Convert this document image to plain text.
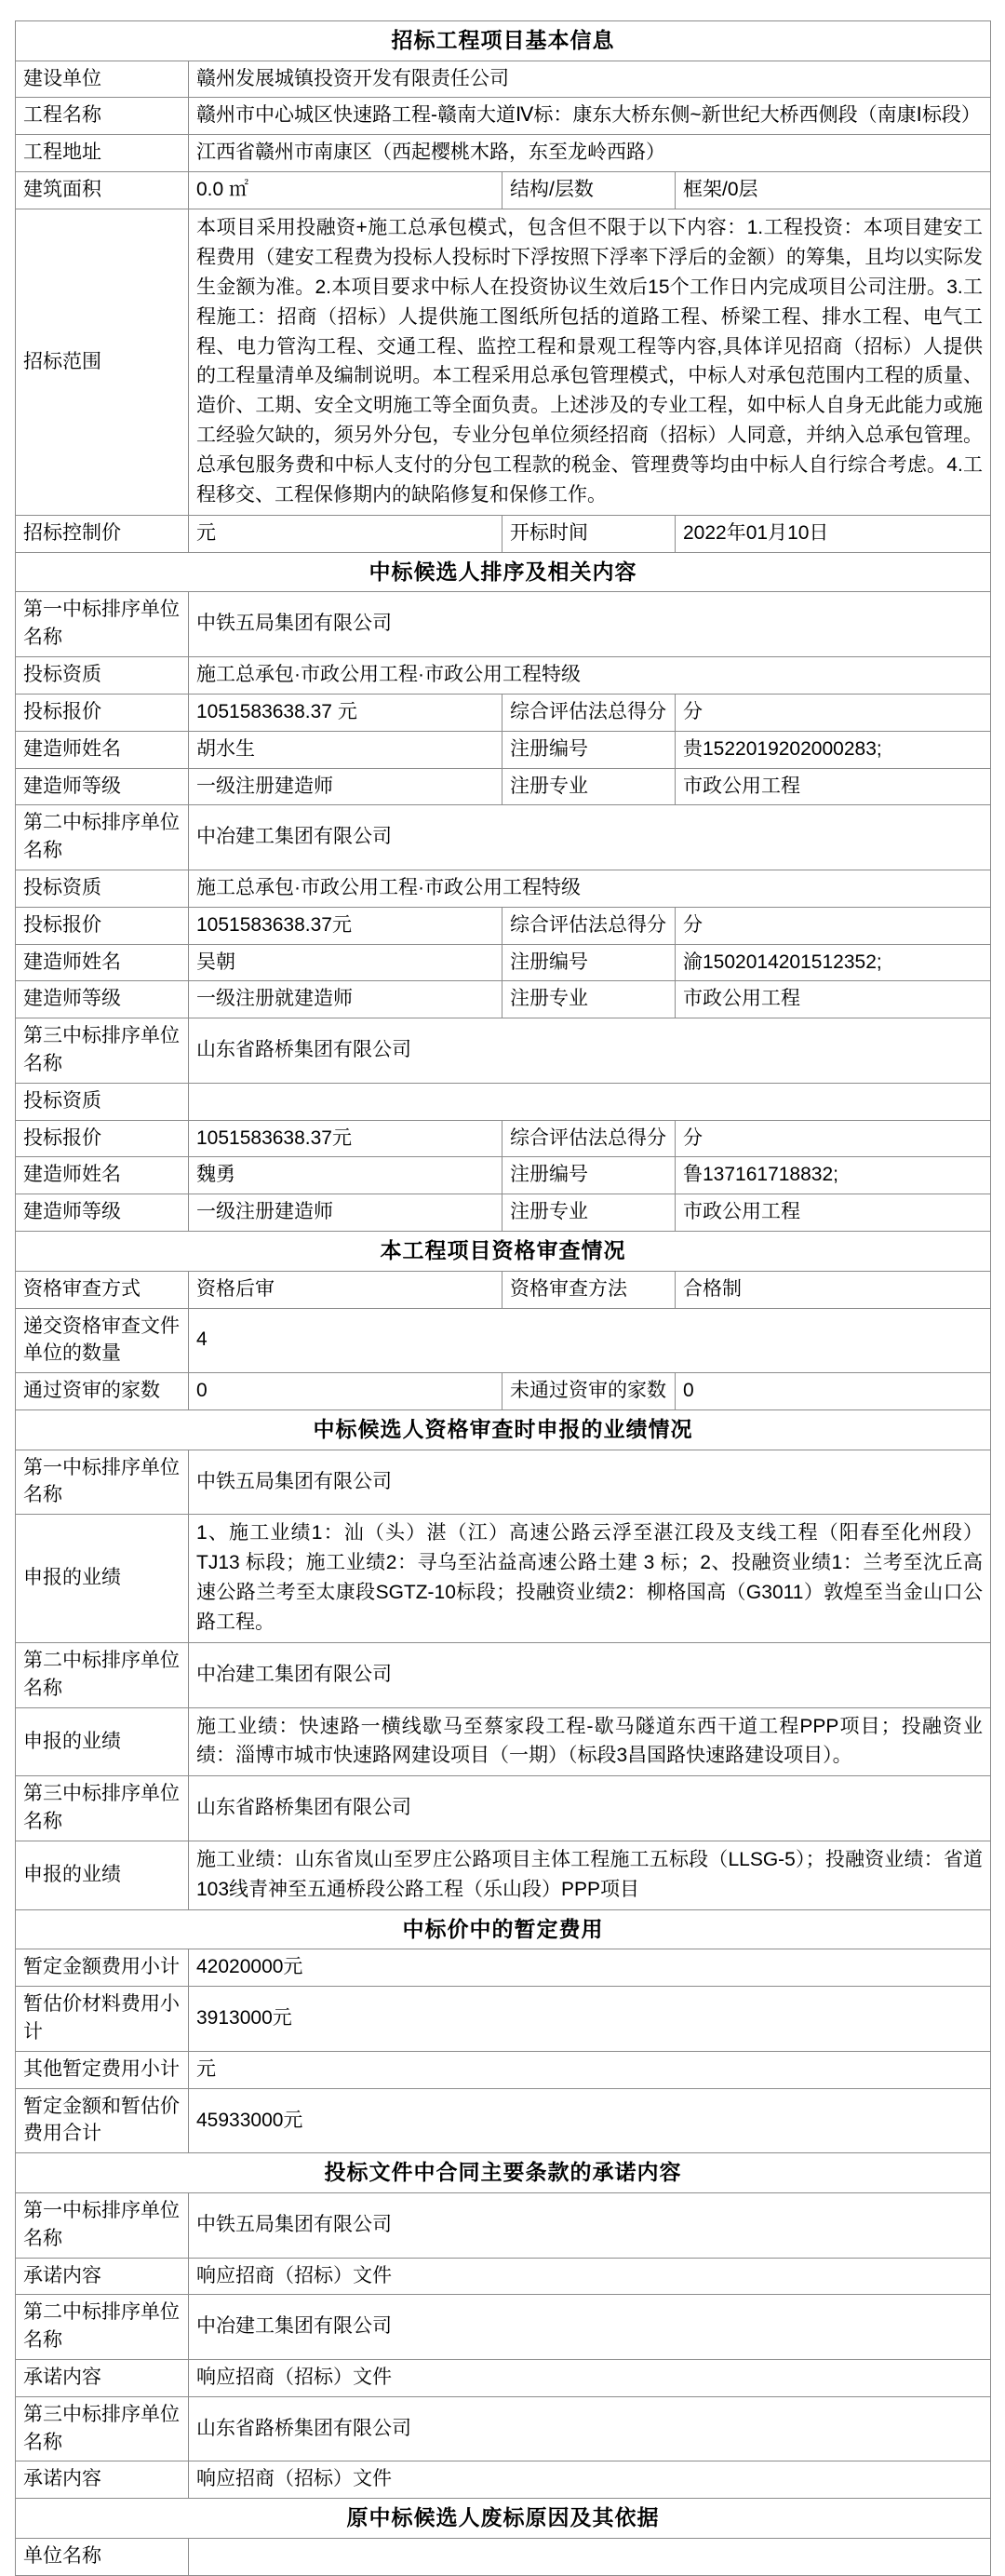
招标工程项目基本信息			
建设单位	赣州发展城镇投资开发有限责任公司		
工程名称	赣州市中心城区快速路工程-赣南大道Ⅳ标：康东大桥东侧~新世纪大桥西侧段（南康Ⅰ标段）		
工程地址	江西省赣州市南康区（西起樱桃木路，东至龙岭西路）		
建筑面积	0.0 ㎡	结构/层数	框架/0层
招标范围	本项目采用投融资+施工总承包模式，包含但不限于以下内容：1.工程投资：本项目建安工程费用（建安工程费为投标人投标时下浮按照下浮率下浮后的金额）的筹集，且均以实际发生金额为准。2.本项目要求中标人在投资协议生效后15个工作日内完成项目公司注册。3.工程施工：招商（招标）人提供施工图纸所包括的道路工程、桥梁工程、排水工程、电气工程、电力管沟工程、交通工程、监控工程和景观工程等内容,具体详见招商（招标）人提供的工程量清单及编制说明。本工程采用总承包管理模式，中标人对承包范围内工程的质量、造价、工期、安全文明施工等全面负责。上述涉及的专业工程，如中标人自身无此能力或施工经验欠缺的，须另外分包，专业分包单位须经招商（招标）人同意，并纳入总承包管理。总承包服务费和中标人支付的分包工程款的税金、管理费等均由中标人自行综合考虑。4.工程移交、工程保修期内的缺陷修复和保修工作。		
招标控制价	元	开标时间	2022年01月10日
中标候选人排序及相关内容			
第一中标排序单位名称	中铁五局集团有限公司		
投标资质	施工总承包·市政公用工程·市政公用工程特级		
投标报价	1051583638.37 元	综合评估法总得分	分
建造师姓名	胡水生	注册编号	贵1522019202000283;
建造师等级	一级注册建造师	注册专业	市政公用工程
第二中标排序单位名称	中冶建工集团有限公司		
投标资质	施工总承包·市政公用工程·市政公用工程特级		
投标报价	1051583638.37元	综合评估法总得分	分
建造师姓名	吴朝	注册编号	渝1502014201512352;
建造师等级	一级注册就建造师	注册专业	市政公用工程
第三中标排序单位名称	山东省路桥集团有限公司		
投标资质			
投标报价	1051583638.37元	综合评估法总得分	分
建造师姓名	魏勇	注册编号	鲁137161718832;
建造师等级	一级注册建造师	注册专业	市政公用工程
本工程项目资格审查情况			
资格审查方式	资格后审	资格审查方法	合格制
递交资格审查文件单位的数量	4		
通过资审的家数	0	未通过资审的家数	0
中标候选人资格审查时申报的业绩情况			
第一中标排序单位名称	中铁五局集团有限公司		
申报的业绩	1、施工业绩1：汕（头）湛（江）高速公路云浮至湛江段及支线工程（阳春至化州段）TJ13 标段；施工业绩2：寻乌至沾益高速公路土建 3 标；2、投融资业绩1：兰考至沈丘高速公路兰考至太康段SGTZ-10标段；投融资业绩2：柳格国高（G3011）敦煌至当金山口公路工程。		
第二中标排序单位名称	中冶建工集团有限公司		
申报的业绩	施工业绩：快速路一横线歇马至蔡家段工程-歇马隧道东西干道工程PPP项目；投融资业绩：淄博市城市快速路网建设项目（一期）（标段3昌国路快速路建设项目）。		
第三中标排序单位名称	山东省路桥集团有限公司		
申报的业绩	施工业绩：山东省岚山至罗庄公路项目主体工程施工五标段（LLSG-5）；投融资业绩：省道103线青神至五通桥段公路工程（乐山段）PPP项目		
中标价中的暂定费用			
暂定金额费用小计	42020000元		
暂估价材料费用小计	3913000元		
其他暂定费用小计	元		
暂定金额和暂估价费用合计	45933000元		
投标文件中合同主要条款的承诺内容			
第一中标排序单位名称	中铁五局集团有限公司		
承诺内容	响应招商（招标）文件		
第二中标排序单位名称	中冶建工集团有限公司		
承诺内容	响应招商（招标）文件		
第三中标排序单位名称	山东省路桥集团有限公司		
承诺内容	响应招商（招标）文件		
原中标候选人废标原因及其依据			
单位名称			
